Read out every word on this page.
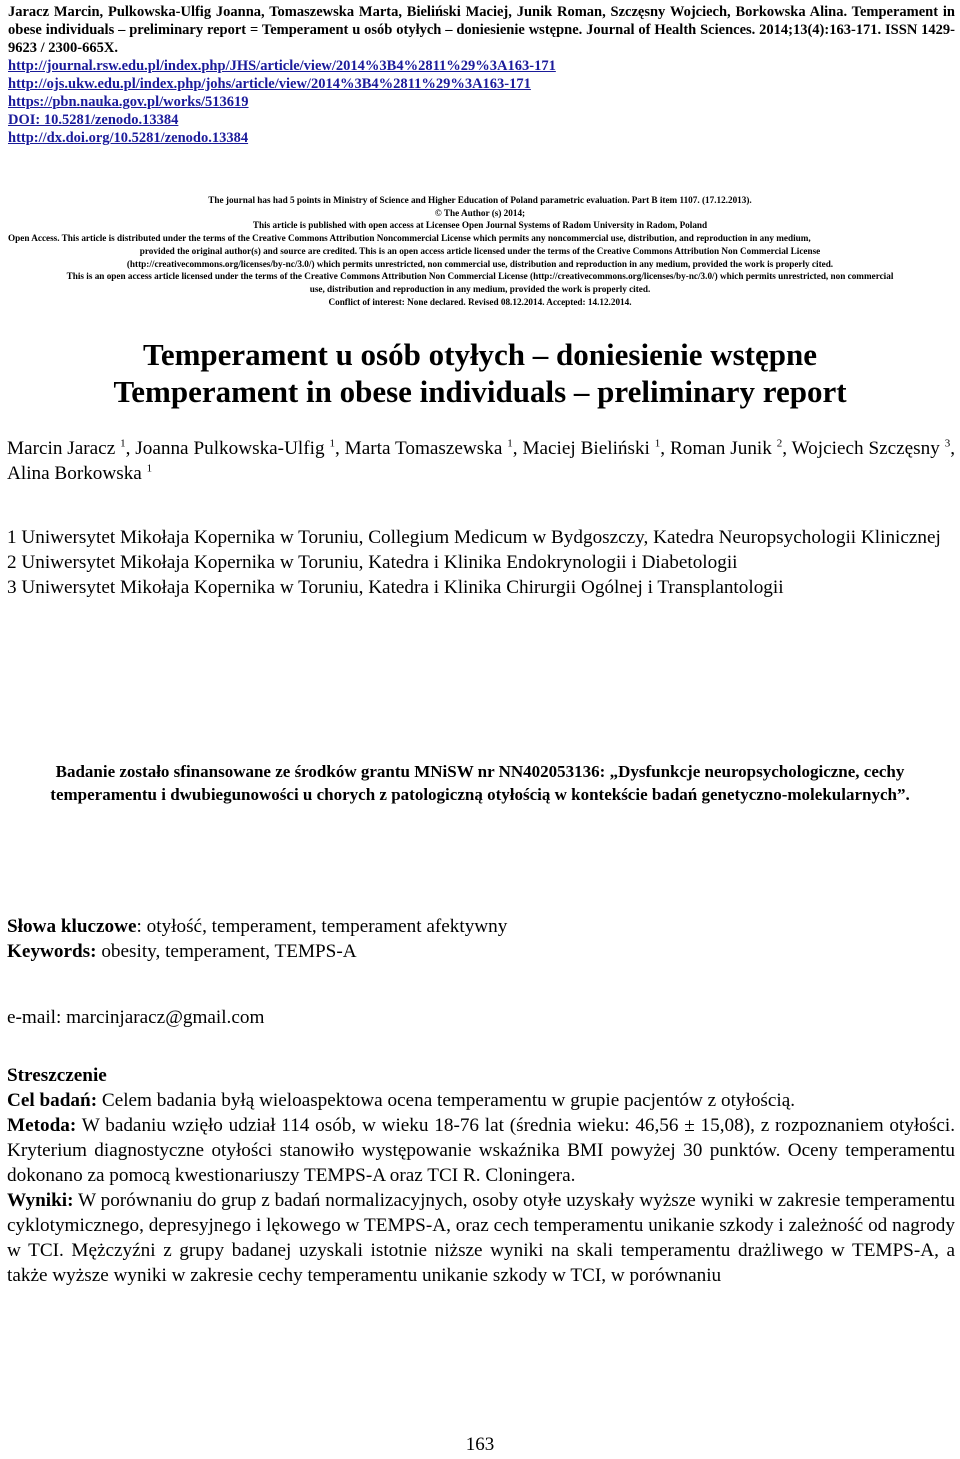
Jaracz Marcin, Pulkowska-Ulfig Joanna, Tomaszewska Marta, Bieliński Maciej, Junik Roman, Szczęsny Wojciech, Borkowska Alina. Temperament in obese individuals – preliminary report = Temperament u osób otyłych – doniesienie wstępne. Journal of Health Sciences. 2014;13(4):163-171. ISSN 1429-9623 / 2300-665X.
http://journal.rsw.edu.pl/index.php/JHS/article/view/2014%3B4%2811%29%3A163-171
http://ojs.ukw.edu.pl/index.php/johs/article/view/2014%3B4%2811%29%3A163-171
https://pbn.nauka.gov.pl/works/513619
DOI: 10.5281/zenodo.13384
http://dx.doi.org/10.5281/zenodo.13384
The journal has had 5 points in Ministry of Science and Higher Education of Poland parametric evaluation. Part B item 1107. (17.12.2013).
© The Author (s) 2014;
This article is published with open access at Licensee Open Journal Systems of Radom University in Radom, Poland
Open Access. This article is distributed under the terms of the Creative Commons Attribution Noncommercial License which permits any noncommercial use, distribution, and reproduction in any medium,
provided the original author(s) and source are credited. This is an open access article licensed under the terms of the Creative Commons Attribution Non Commercial License
(http://creativecommons.org/licenses/by-nc/3.0/) which permits unrestricted, non commercial use, distribution and reproduction in any medium, provided the work is properly cited.
This is an open access article licensed under the terms of the Creative Commons Attribution Non Commercial License (http://creativecommons.org/licenses/by-nc/3.0/) which permits unrestricted, non commercial
use, distribution and reproduction in any medium, provided the work is properly cited.
Conflict of interest: None declared. Revised 08.12.2014. Accepted: 14.12.2014.
Temperament u osób otyłych – doniesienie wstępne
Temperament in obese individuals – preliminary report
Marcin Jaracz $^1$, Joanna Pulkowska-Ulfig $^1$, Marta Tomaszewska $^1$, Maciej Bieliński $^1$, Roman Junik $^2$, Wojciech Szczęsny $^3$, Alina Borkowska $^1$

1 Uniwersytet Mikołaja Kopernika w Toruniu, Collegium Medicum w Bydgoszczy, Katedra Neuropsychologii Klinicznej

2 Uniwersytet Mikołaja Kopernika w Toruniu, Katedra i Klinika Endokrynologii i Diabetologii

3 Uniwersytet Mikołaja Kopernika w Toruniu, Katedra i Klinika Chirurgii Ogólnej i Transplantologii

Badanie zostało sfinansowane ze środków grantu MNiSW nr NN402053136: „Dysfunkcje neuropsychologiczne, cechy temperamentu i dwubiegunowości u chorych z patologiczną otyłością w kontekście badań genetyczno-molekularnych”.
Słowa kluczowe: otyłość, temperament, temperament afektywny
Keywords: obesity, temperament, TEMPS-A
e-mail: marcinjaracz@gmail.com

Streszczenie

Cel badań: Celem badania byłą wieloaspektowa ocena temperamentu w grupie pacjentów z otyłością.

Metoda: W badaniu wzięło udział 114 osób, w wieku 18-76 lat (średnia wieku: 46,56 ± 15,08), z rozpoznaniem otyłości. Kryterium diagnostyczne otyłości stanowiło występowanie wskaźnika BMI powyżej 30 punktów. Oceny temperamentu dokonano za pomocą kwestionariuszy TEMPS-A oraz TCI R. Cloningera.

Wyniki: W porównaniu do grup z badań normalizacyjnych, osoby otyłe uzyskały wyższe wyniki w zakresie temperamentu cyklotymicznego, depresyjnego i lękowego w TEMPS-A, oraz cech temperamentu unikanie szkody i zależność od nagrody w TCI. Mężczyźni z grupy badanej uzyskali istotnie niższe wyniki na skali temperamentu drażliwego w TEMPS-A, a także wyższe wyniki w zakresie cechy temperamentu unikanie szkody w TCI, w porównaniu

163
